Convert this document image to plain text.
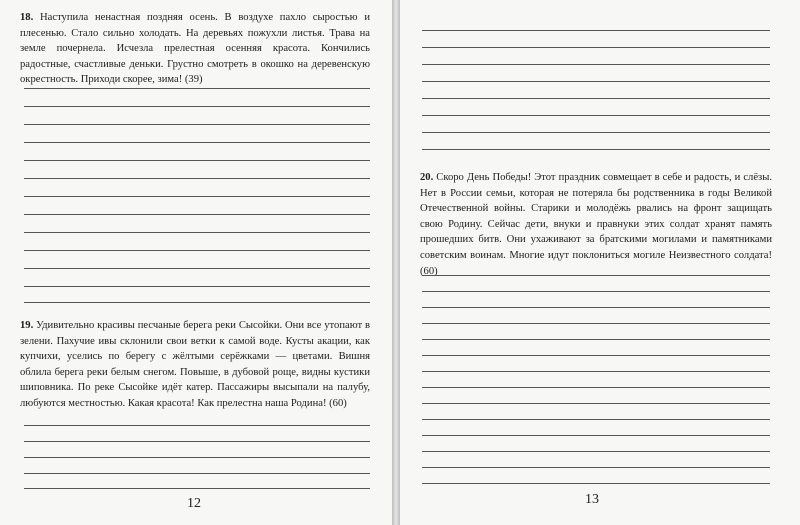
18. Наступила ненастная поздняя осень. В воздухе пахло сыростью и плесенью. Стало сильно холодать. На деревьях пожухли листья. Трава на земле почернела. Исчезла прелестная осенняя красота. Кончились радостные, счастливые деньки. Грустно смотреть в окошко на деревенскую окрестность. Приходи скорее, зима! (39)
19. Удивительно красивы песчаные берега реки Сысойки. Они все утопают в зелени. Пахучие ивы склонили свои ветки к самой воде. Кусты акации, как купчихи, уселись по берегу с жёлтыми серёжками — цветами. Вишня облила берега реки белым снегом. Повыше, в дубовой роще, видны кустики шиповника. По реке Сысойке идёт катер. Пассажиры высыпали на палубу, любуются местностью. Какая красота! Как прелестна наша Родина! (60)
12
20. Скоро День Победы! Этот праздник совмещает в себе и радость, и слёзы. Нет в России семьи, которая не потеряла бы родственника в годы Великой Отечественной войны. Старики и молодёжь рвались на фронт защищать свою Родину. Сейчас дети, внуки и правнуки этих солдат хранят память прошедших битв. Они ухаживают за братскими могилами и памятниками советским воинам. Многие идут поклониться могиле Неизвестного солдата! (60)
13
